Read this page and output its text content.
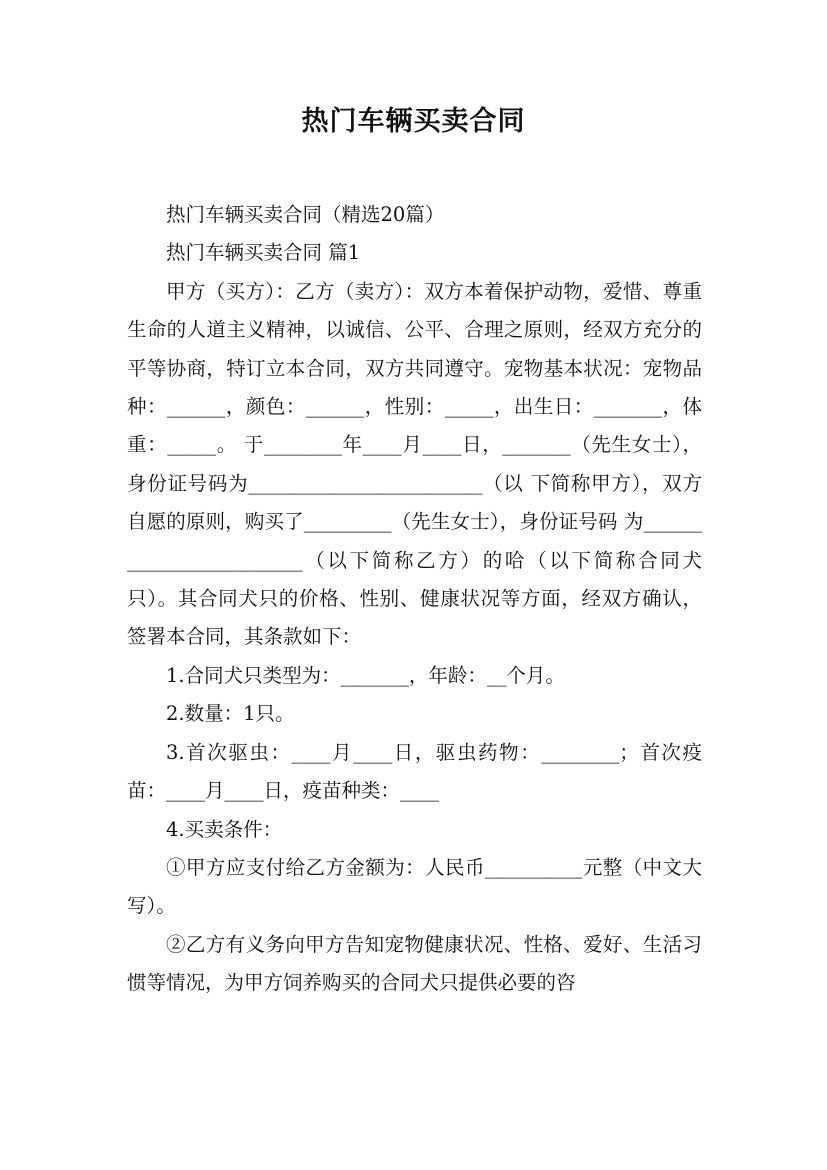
热门车辆买卖合同

热门车辆买卖合同（精选20篇）

热门车辆买卖合同 篇1

甲方（买方）：乙方（卖方）：双方本着保护动物，爱惜、尊重生命的人道主义精神，以诚信、公平、合理之原则，经双方充分的平等协商，特订立本合同，双方共同遵守。宠物基本状况：宠物品种：______，颜色：______，性别：_____，出生日：_______，体重：_____。 于________年____月____日，_______（先生女士），身份证号码为________________________（以 下简称甲方），双方自愿的原则，购买了_________（先生女士），身份证号码 为________________________（以下简称乙方）的哈（以下简称合同犬只）。其合同犬只的价格、性别、健康状况等方面，经双方确认，签署本合同，其条款如下：

1.合同犬只类型为：_______，年龄：__个月。

2.数量：1只。

3.首次驱虫：____月____日，驱虫药物：________；首次疫苗：____月____日，疫苗种类：____

4.买卖条件：

①甲方应支付给乙方金额为：人民币__________元整（中文大写）。

②乙方有义务向甲方告知宠物健康状况、性格、爱好、生活习惯等情况，为甲方饲养购买的合同犬只提供必要的咨
